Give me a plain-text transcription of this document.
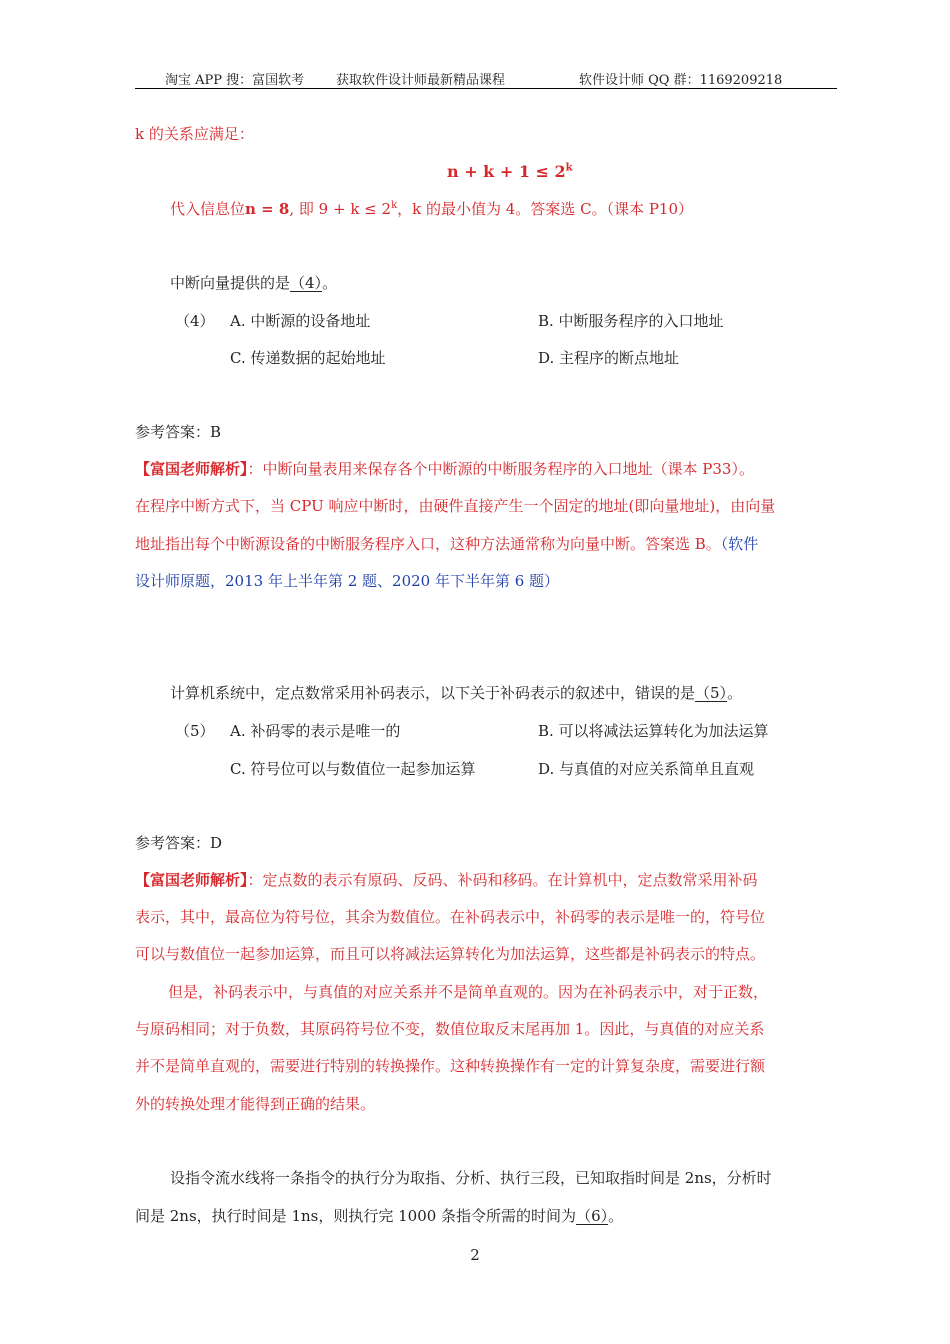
淘宝 APP 搜：富国软考 获取软件设计师最新精品课程	软件设计师 QQ 群：1169209218
k 的关系应满足：
$n + k + 1 \le 2^k$
代入信息位n = 8, 即 $9 + k \le 2^k$，k 的最小值为 4。答案选 C。（课本 P10）
中断向量提供的是（4）。
（4） A. 中断源的设备地址	B. 中断服务程序的入口地址
C. 传递数据的起始地址	D. 主程序的断点地址
参考答案：B
【富国老师解析】：中断向量表用来保存各个中断源的中断服务程序的入口地址（课本 P33）。
在程序中断方式下，当 CPU 响应中断时，由硬件直接产生一个固定的地址(即向量地址)，由向量
地址指出每个中断源设备的中断服务程序入口，这种方法通常称为向量中断。答案选 B。（软件
设计师原题，2013 年上半年第 2 题、2020 年下半年第 6 题）
计算机系统中，定点数常采用补码表示，以下关于补码表示的叙述中，错误的是（5）。
（5） A. 补码零的表示是唯一的	B. 可以将减法运算转化为加法运算
C. 符号位可以与数值位一起参加运算	D. 与真值的对应关系简单且直观
参考答案：D
【富国老师解析】：定点数的表示有原码、反码、补码和移码。在计算机中，定点数常采用补码
表示，其中，最高位为符号位，其余为数值位。在补码表示中，补码零的表示是唯一的，符号位
可以与数值位一起参加运算，而且可以将减法运算转化为加法运算，这些都是补码表示的特点。
但是，补码表示中，与真值的对应关系并不是简单直观的。因为在补码表示中，对于正数，
与原码相同；对于负数，其原码符号位不变，数值位取反末尾再加 1。因此，与真值的对应关系
并不是简单直观的，需要进行特别的转换操作。这种转换操作有一定的计算复杂度，需要进行额
外的转换处理才能得到正确的结果。
设指令流水线将一条指令的执行分为取指、分析、执行三段，已知取指时间是 2ns，分析时
间是 2ns，执行时间是 1ns，则执行完 1000 条指令所需的时间为（6）。
2
